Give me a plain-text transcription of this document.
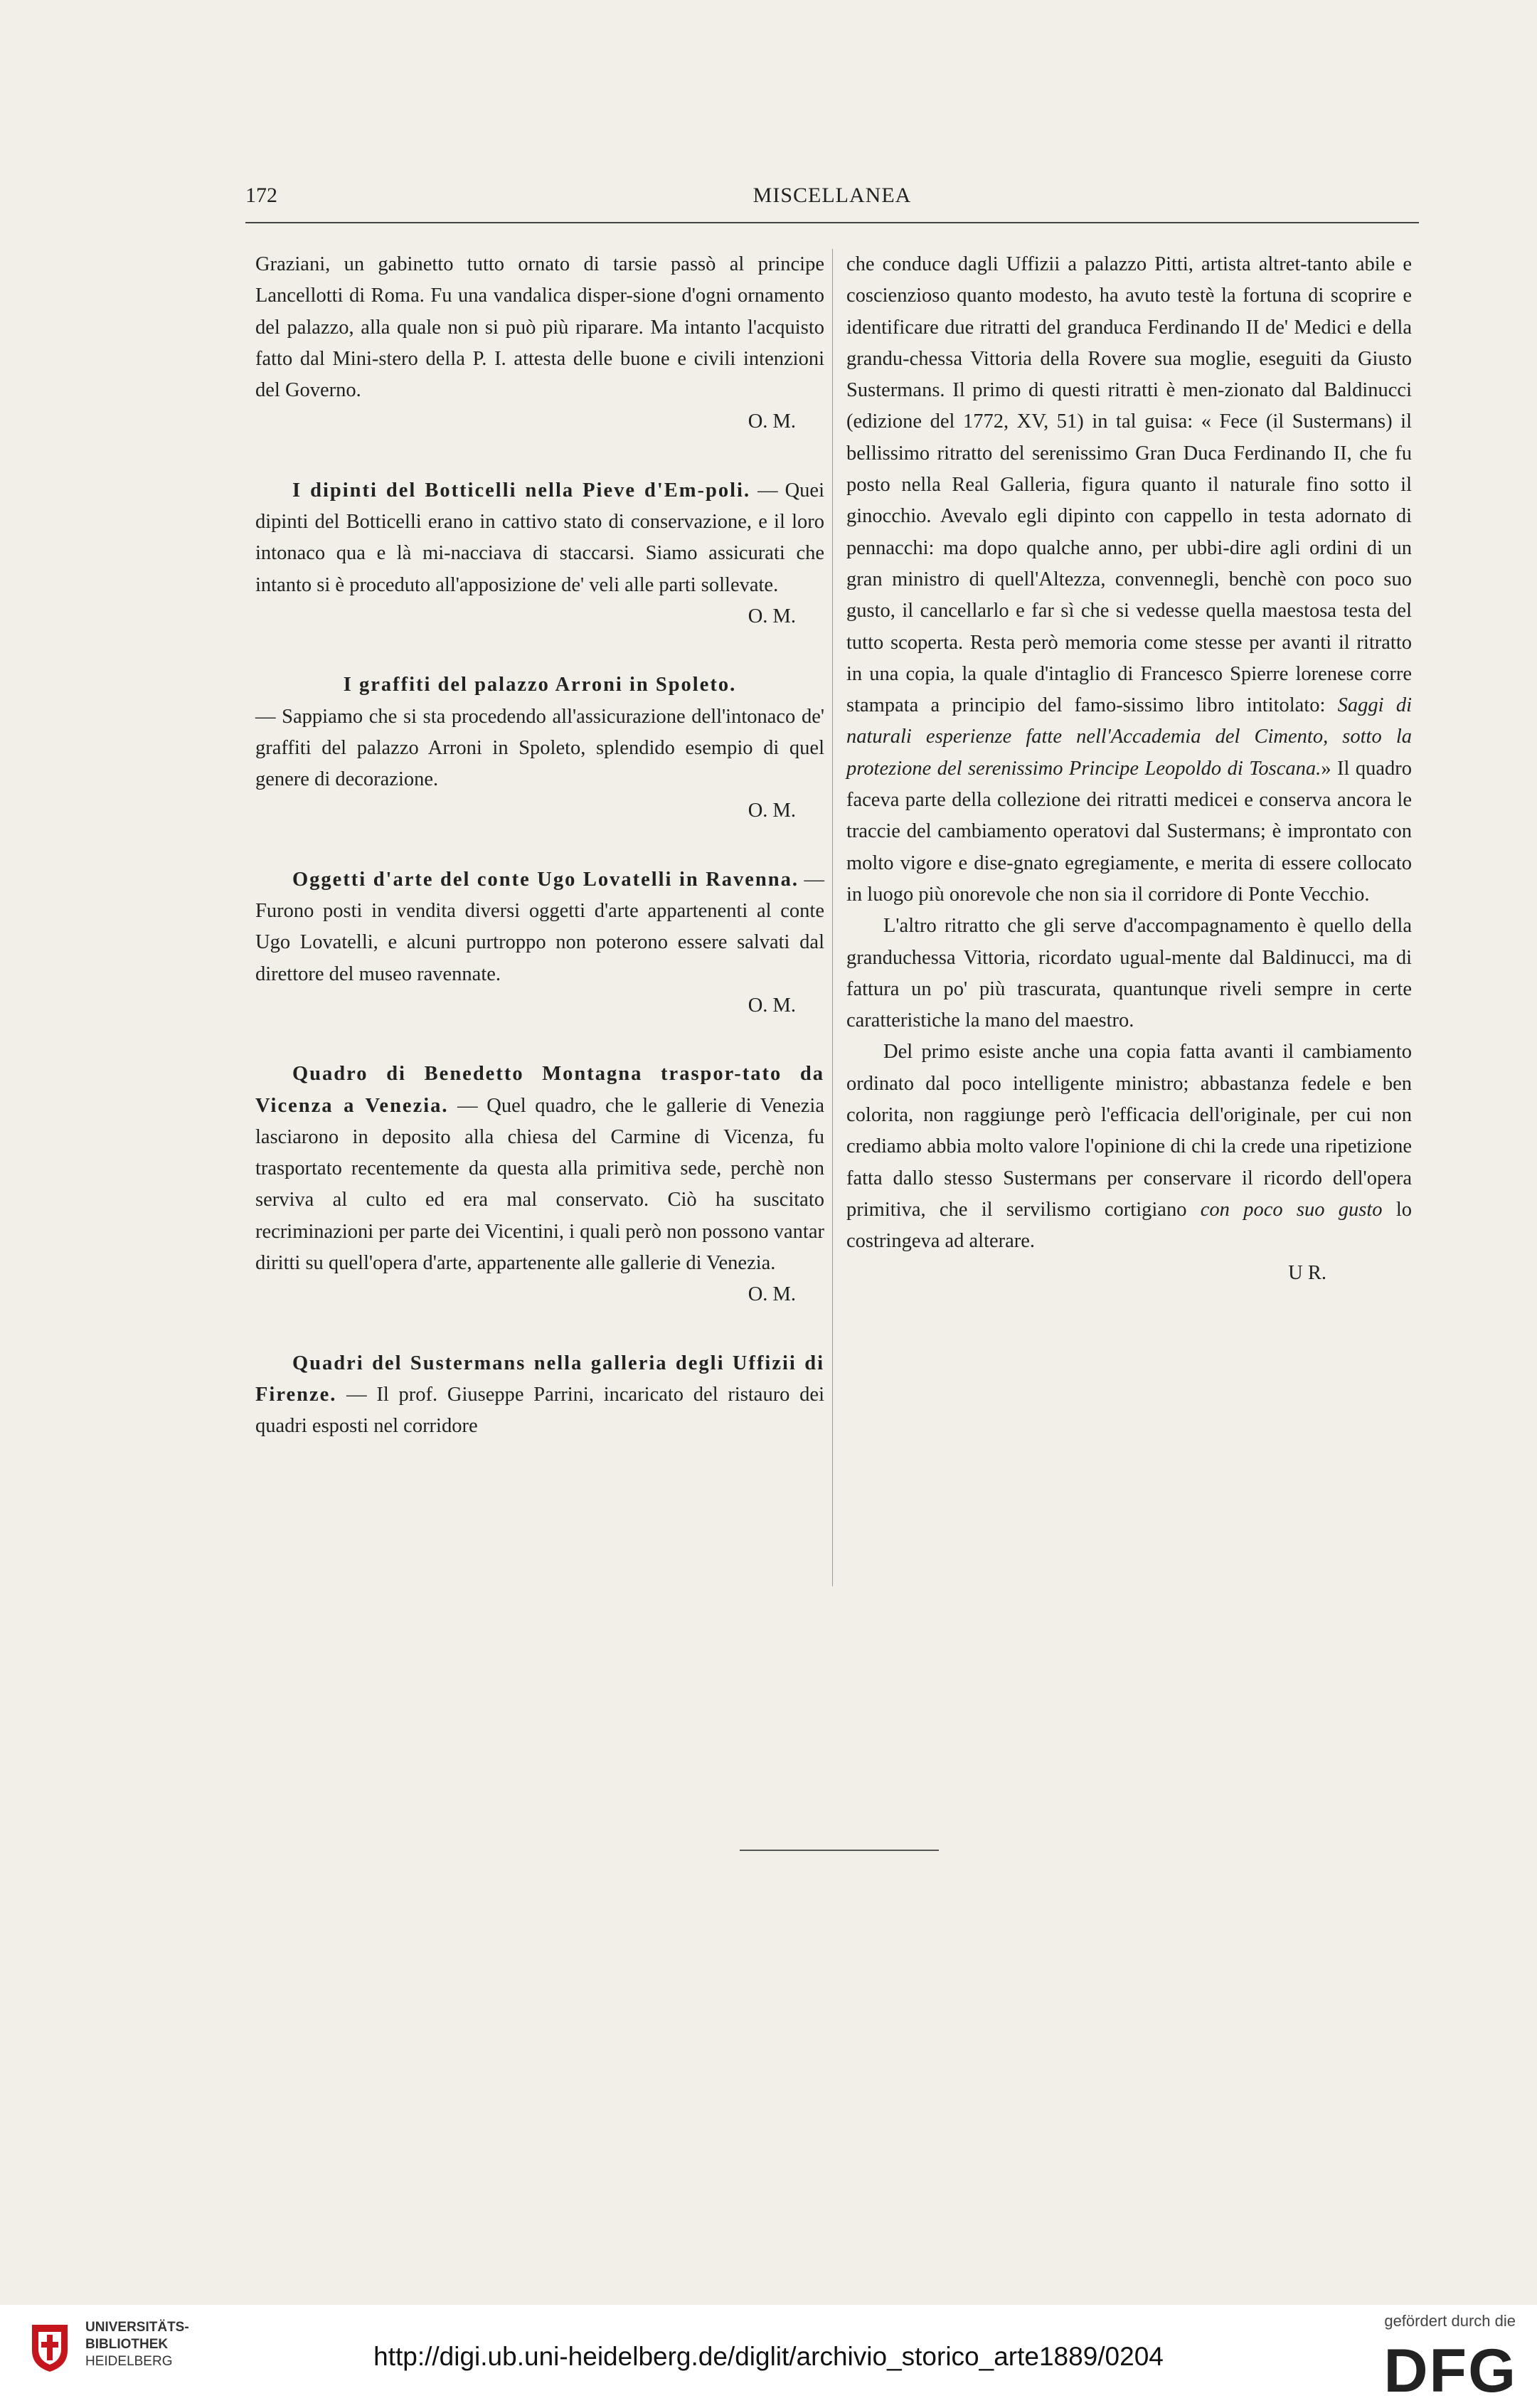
172	MISCELLANEA

Graziani, un gabinetto tutto ornato di tarsie passò al principe Lancellotti di Roma. Fu una vandalica disper-sione d'ogni ornamento del palazzo, alla quale non si può più riparare. Ma intanto l'acquisto fatto dal Mini-stero della P. I. attesta delle buone e civili intenzioni del Governo.

O. M.

I dipinti del Botticelli nella Pieve d'Em-poli. — Quei dipinti del Botticelli erano in cattivo stato di conservazione, e il loro intonaco qua e là mi-nacciava di staccarsi. Siamo assicurati che intanto si è proceduto all'apposizione de' veli alle parti sollevate.

O. M.

I graffiti del palazzo Arroni in Spoleto.

— Sappiamo che si sta procedendo all'assicurazione dell'intonaco de' graffiti del palazzo Arroni in Spoleto, splendido esempio di quel genere di decorazione.

O. M.

Oggetti d'arte del conte Ugo Lovatelli in Ravenna. — Furono posti in vendita diversi oggetti d'arte appartenenti al conte Ugo Lovatelli, e alcuni purtroppo non poterono essere salvati dal direttore del museo ravennate.

O. M.

Quadro di Benedetto Montagna traspor-tato da Vicenza a Venezia. — Quel quadro, che le gallerie di Venezia lasciarono in deposito alla chiesa del Carmine di Vicenza, fu trasportato recentemente da questa alla primitiva sede, perchè non serviva al culto ed era mal conservato. Ciò ha suscitato recriminazioni per parte dei Vicentini, i quali però non possono vantar diritti su quell'opera d'arte, appartenente alle gallerie di Venezia.

O. M.

Quadri del Sustermans nella galleria degli Uffizii di Firenze. — Il prof. Giuseppe Parrini, incaricato del ristauro dei quadri esposti nel corridore

che conduce dagli Uffizii a palazzo Pitti, artista altret-tanto abile e coscienzioso quanto modesto, ha avuto testè la fortuna di scoprire e identificare due ritratti del granduca Ferdinando II de' Medici e della grandu-chessa Vittoria della Rovere sua moglie, eseguiti da Giusto Sustermans. Il primo di questi ritratti è men-zionato dal Baldinucci (edizione del 1772, XV, 51) in tal guisa: « Fece (il Sustermans) il bellissimo ritratto del serenissimo Gran Duca Ferdinando II, che fu posto nella Real Galleria, figura quanto il naturale fino sotto il ginocchio. Avevalo egli dipinto con cappello in testa adornato di pennacchi: ma dopo qualche anno, per ubbi-dire agli ordini di un gran ministro di quell'Altezza, convennegli, benchè con poco suo gusto, il cancellarlo e far sì che si vedesse quella maestosa testa del tutto scoperta. Resta però memoria come stesse per avanti il ritratto in una copia, la quale d'intaglio di Francesco Spierre lorenese corre stampata a principio del famo-sissimo libro intitolato: Saggi di naturali esperienze fatte nell'Accademia del Cimento, sotto la protezione del serenissimo Principe Leopoldo di Toscana.» Il quadro faceva parte della collezione dei ritratti medicei e conserva ancora le traccie del cambiamento operatovi dal Sustermans; è improntato con molto vigore e dise-gnato egregiamente, e merita di essere collocato in luogo più onorevole che non sia il corridore di Ponte Vecchio.

L'altro ritratto che gli serve d'accompagnamento è quello della granduchessa Vittoria, ricordato ugual-mente dal Baldinucci, ma di fattura un po' più trascurata, quantunque riveli sempre in certe caratteristiche la mano del maestro.

Del primo esiste anche una copia fatta avanti il cambiamento ordinato dal poco intelligente ministro; abbastanza fedele e ben colorita, non raggiunge però l'efficacia dell'originale, per cui non crediamo abbia molto valore l'opinione di chi la crede una ripetizione fatta dallo stesso Sustermans per conservare il ricordo dell'opera primitiva, che il servilismo cortigiano con poco suo gusto lo costringeva ad alterare.

U R.

UNIVERSITÄTS-
BIBLIOTHEK
HEIDELBERG	http://digi.ub.uni-heidelberg.de/diglit/archivio_storico_arte1889/0204
gefördert durch die
DFG
